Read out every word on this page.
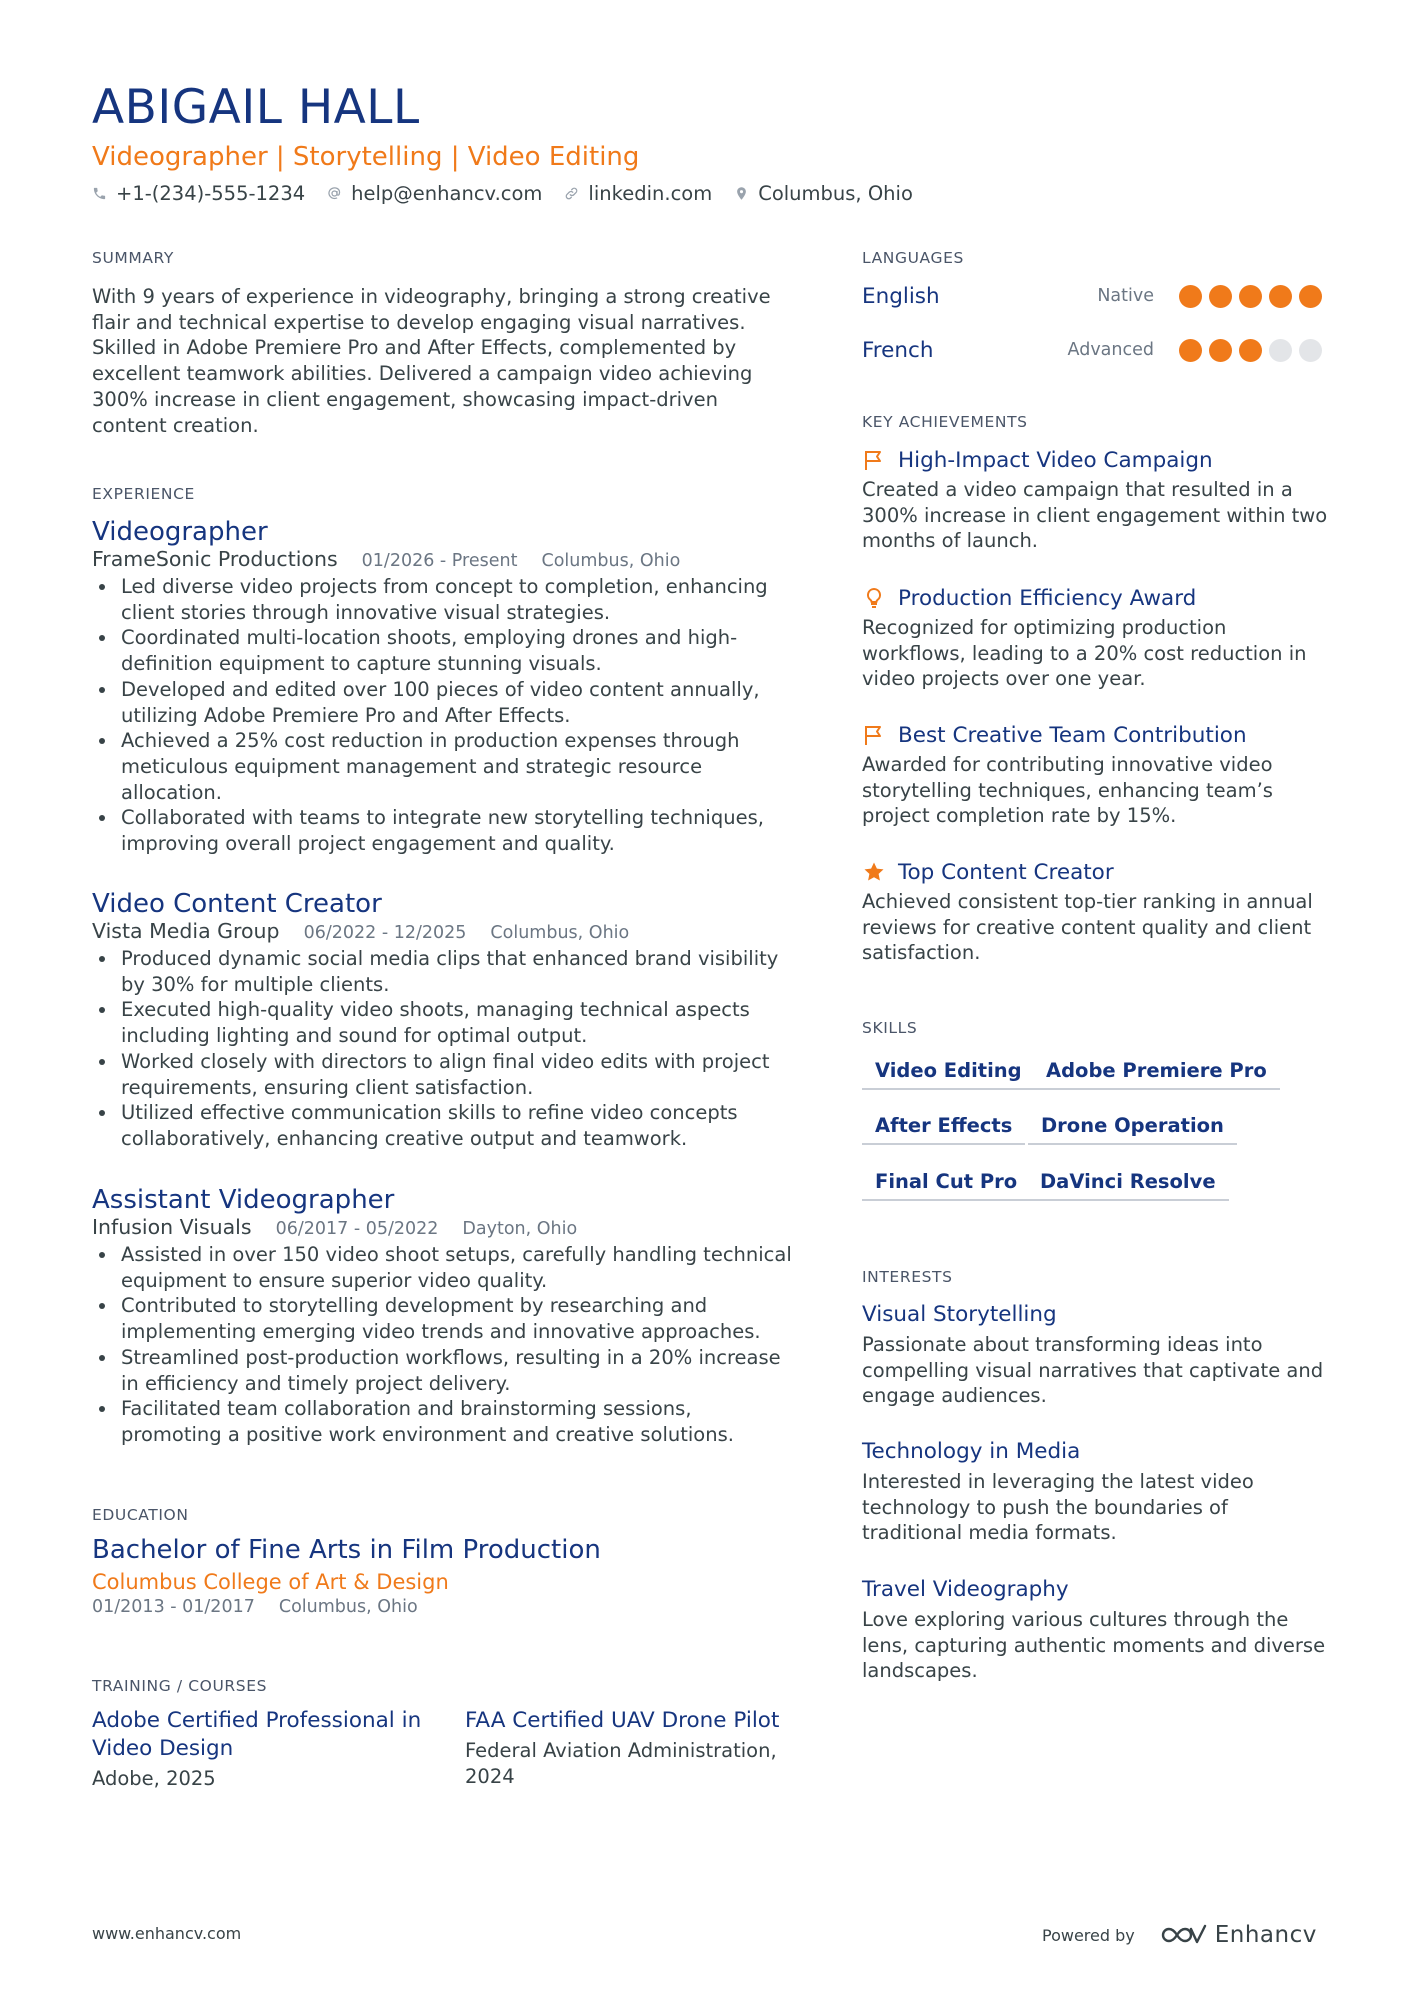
ABIGAIL HALL
Videographer | Storytelling | Video Editing
+1-(234)-555-1234 help@enhancv.com linkedin.com Columbus, Ohio
SUMMARY
With 9 years of experience in videography, bringing a strong creative flair and technical expertise to develop engaging visual narratives. Skilled in Adobe Premiere Pro and After Effects, complemented by excellent teamwork abilities. Delivered a campaign video achieving 300% increase in client engagement, showcasing impact-driven content creation.
EXPERIENCE
Videographer
FrameSonic Productions 01/2026 - Present Columbus, Ohio
Led diverse video projects from concept to completion, enhancing client stories through innovative visual strategies.
Coordinated multi-location shoots, employing drones and high-definition equipment to capture stunning visuals.
Developed and edited over 100 pieces of video content annually, utilizing Adobe Premiere Pro and After Effects.
Achieved a 25% cost reduction in production expenses through meticulous equipment management and strategic resource allocation.
Collaborated with teams to integrate new storytelling techniques, improving overall project engagement and quality.
Video Content Creator
Vista Media Group 06/2022 - 12/2025 Columbus, Ohio
Produced dynamic social media clips that enhanced brand visibility by 30% for multiple clients.
Executed high-quality video shoots, managing technical aspects including lighting and sound for optimal output.
Worked closely with directors to align final video edits with project requirements, ensuring client satisfaction.
Utilized effective communication skills to refine video concepts collaboratively, enhancing creative output and teamwork.
Assistant Videographer
Infusion Visuals 06/2017 - 05/2022 Dayton, Ohio
Assisted in over 150 video shoot setups, carefully handling technical equipment to ensure superior video quality.
Contributed to storytelling development by researching and implementing emerging video trends and innovative approaches.
Streamlined post-production workflows, resulting in a 20% increase in efficiency and timely project delivery.
Facilitated team collaboration and brainstorming sessions, promoting a positive work environment and creative solutions.
EDUCATION
Bachelor of Fine Arts in Film Production
Columbus College of Art & Design
01/2013 - 01/2017 Columbus, Ohio
TRAINING / COURSES
Adobe Certified Professional in Video Design
Adobe, 2025
FAA Certified UAV Drone Pilot
Federal Aviation Administration, 2024
LANGUAGES
English	Native
French	Advanced
KEY ACHIEVEMENTS
High-Impact Video Campaign
Created a video campaign that resulted in a 300% increase in client engagement within two months of launch.
Production Efficiency Award
Recognized for optimizing production workflows, leading to a 20% cost reduction in video projects over one year.
Best Creative Team Contribution
Awarded for contributing innovative video storytelling techniques, enhancing team’s project completion rate by 15%.
Top Content Creator
Achieved consistent top-tier ranking in annual reviews for creative content quality and client satisfaction.
SKILLS
Video Editing	Adobe Premiere Pro
After Effects	Drone Operation
Final Cut Pro	DaVinci Resolve
INTERESTS
Visual Storytelling
Passionate about transforming ideas into compelling visual narratives that captivate and engage audiences.
Technology in Media
Interested in leveraging the latest video technology to push the boundaries of traditional media formats.
Travel Videography
Love exploring various cultures through the lens, capturing authentic moments and diverse landscapes.
www.enhancv.com	Powered by	Enhancv
